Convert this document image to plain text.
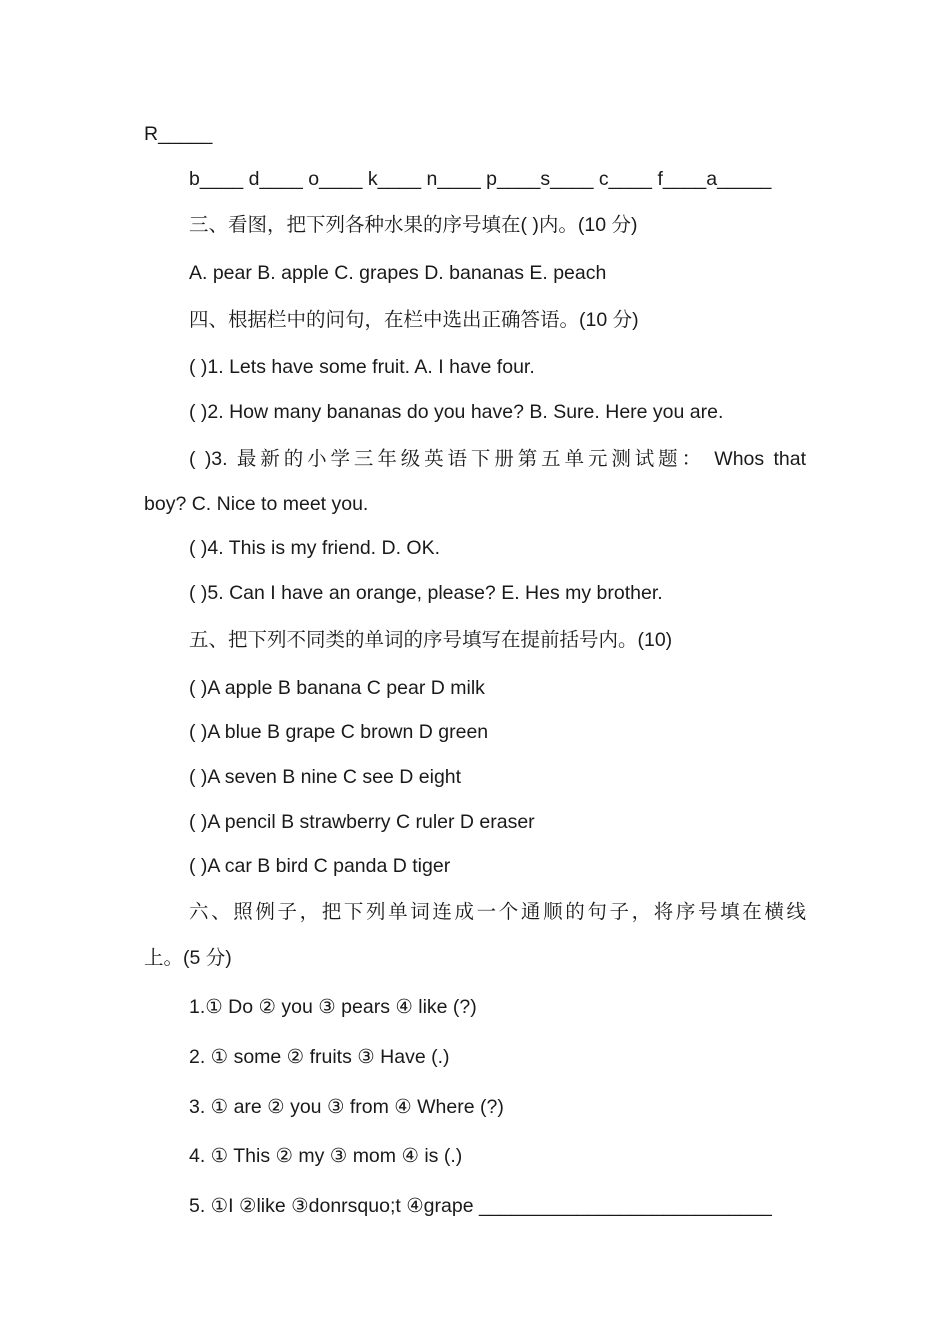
R_____
b____ d____ o____ k____ n____ p____s____ c____ f____a_____
三、看图，把下列各种水果的序号填在( )内。(10 分)
A. pear B. apple C. grapes D. bananas E. peach
四、根据栏中的问句，在栏中选出正确答语。(10 分)
( )1. Lets have some fruit. A. I have four.
( )2. How many bananas do you have? B. Sure. Here you are.
( )3. 最新的小学三年级英语下册第五单元测试题： Whos that
boy? C. Nice to meet you.
( )4. This is my friend. D. OK.
( )5. Can I have an orange, please? E. Hes my brother.
五、把下列不同类的单词的序号填写在提前括号内。(10)
( )A apple B banana C pear D milk
( )A blue B grape C brown D green
( )A seven B nine C see D eight
( )A pencil B strawberry C ruler D eraser
( )A car B bird C panda D tiger
六、照例子，把下列单词连成一个通顺的句子，将序号填在横线
上。(5 分)
1.① Do ② you ③ pears ④ like (?)
2. ① some ② fruits ③ Have (.)
3. ① are ② you ③ from ④ Where (?)
4. ① This ② my ③ mom ④ is (.)
5. ①I ②like ③donrsquo;t ④grape ___________________________
